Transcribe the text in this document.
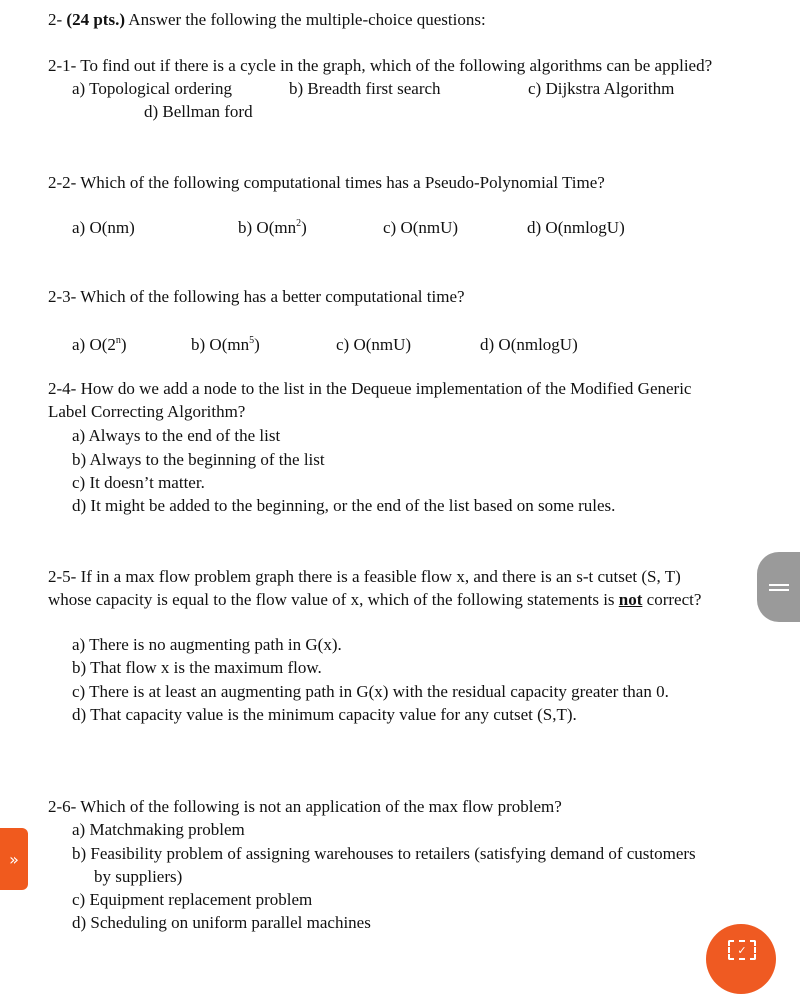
2- (24 pts.) Answer the following the multiple-choice questions:
2-1- To find out if there is a cycle in the graph, which of the following algorithms can be applied?
a) Topological ordering	b) Breadth first search	c) Dijkstra Algorithm
d) Bellman ford
2-2- Which of the following computational times has a Pseudo-Polynomial Time?
a) O(nm)	b) $O(mn^2)$	c) O(nmU)	d) O(nmlogU)
2-3- Which of the following has a better computational time?
a) O(2$^n$)	b) $O(mn^5)$	c) O(nmU)	d) O(nmlogU)
2-4- How do we add a node to the list in the Dequeue implementation of the Modified Generic
Label Correcting Algorithm?
a) Always to the end of the list
b) Always to the beginning of the list
c) It doesn’t matter.
d) It might be added to the beginning, or the end of the list based on some rules.
2-5- If in a max flow problem graph there is a feasible flow x, and there is an s-t cutset (S, T)
whose capacity is equal to the flow value of x, which of the following statements is not correct?
a) There is no augmenting path in G(x).
b) That flow x is the maximum flow.
c) There is at least an augmenting path in G(x) with the residual capacity greater than 0.
d) That capacity value is the minimum capacity value for any cutset (S,T).
2-6- Which of the following is not an application of the max flow problem?
a) Matchmaking problem
b) Feasibility problem of assigning warehouses to retailers (satisfying demand of customers
by suppliers)
c) Equipment replacement problem
d) Scheduling on uniform parallel machines
»
✓
